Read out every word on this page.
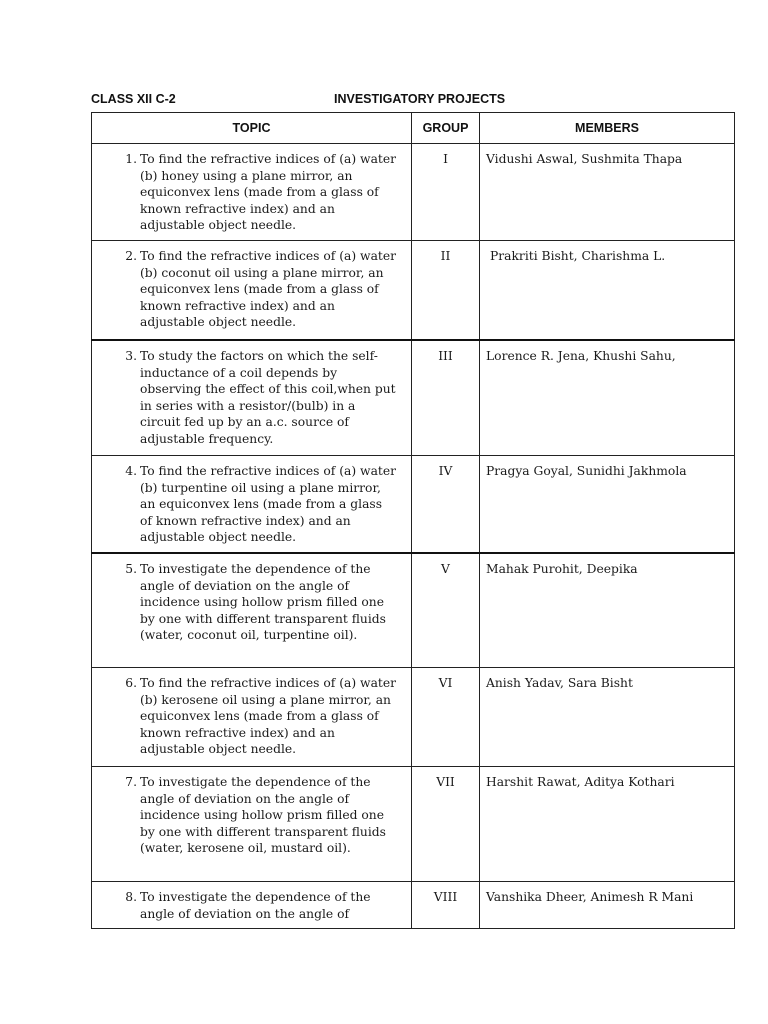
CLASS XII C-2	INVESTIGATORY PROJECTS
TOPIC	GROUP	MEMBERS

1. To find the refractive indices of (a) water (b) honey using a plane mirror, an equiconvex lens (made from a glass of known refractive index) and an adjustable object needle.	I	Vidushi Aswal, Sushmita Thapa

2. To find the refractive indices of (a) water (b) coconut oil using a plane mirror, an equiconvex lens (made from a glass of known refractive index) and an adjustable object needle.	II	Prakriti Bisht, Charishma L.

3. To study the factors on which the self-inductance of a coil depends by observing the effect of this coil,when put in series with a resistor/(bulb) in a circuit fed up by an a.c. source of adjustable frequency.	III	Lorence R. Jena, Khushi Sahu,

4. To find the refractive indices of (a) water (b) turpentine oil using a plane mirror, an equiconvex lens (made from a glass of known refractive index) and an adjustable object needle.	IV	Pragya Goyal, Sunidhi Jakhmola

5. To investigate the dependence of the angle of deviation on the angle of incidence using hollow prism filled one by one with different transparent fluids (water, coconut oil, turpentine oil).	V	Mahak Purohit, Deepika

6. To find the refractive indices of (a) water (b) kerosene oil using a plane mirror, an equiconvex lens (made from a glass of known refractive index) and an adjustable object needle.	VI	Anish Yadav, Sara Bisht

7. To investigate the dependence of the angle of deviation on the angle of incidence using hollow prism filled one by one with different transparent fluids (water, kerosene oil, mustard oil).	VII	Harshit Rawat, Aditya Kothari

8. To investigate the dependence of the angle of deviation on the angle of	VIII	Vanshika Dheer, Animesh R Mani
